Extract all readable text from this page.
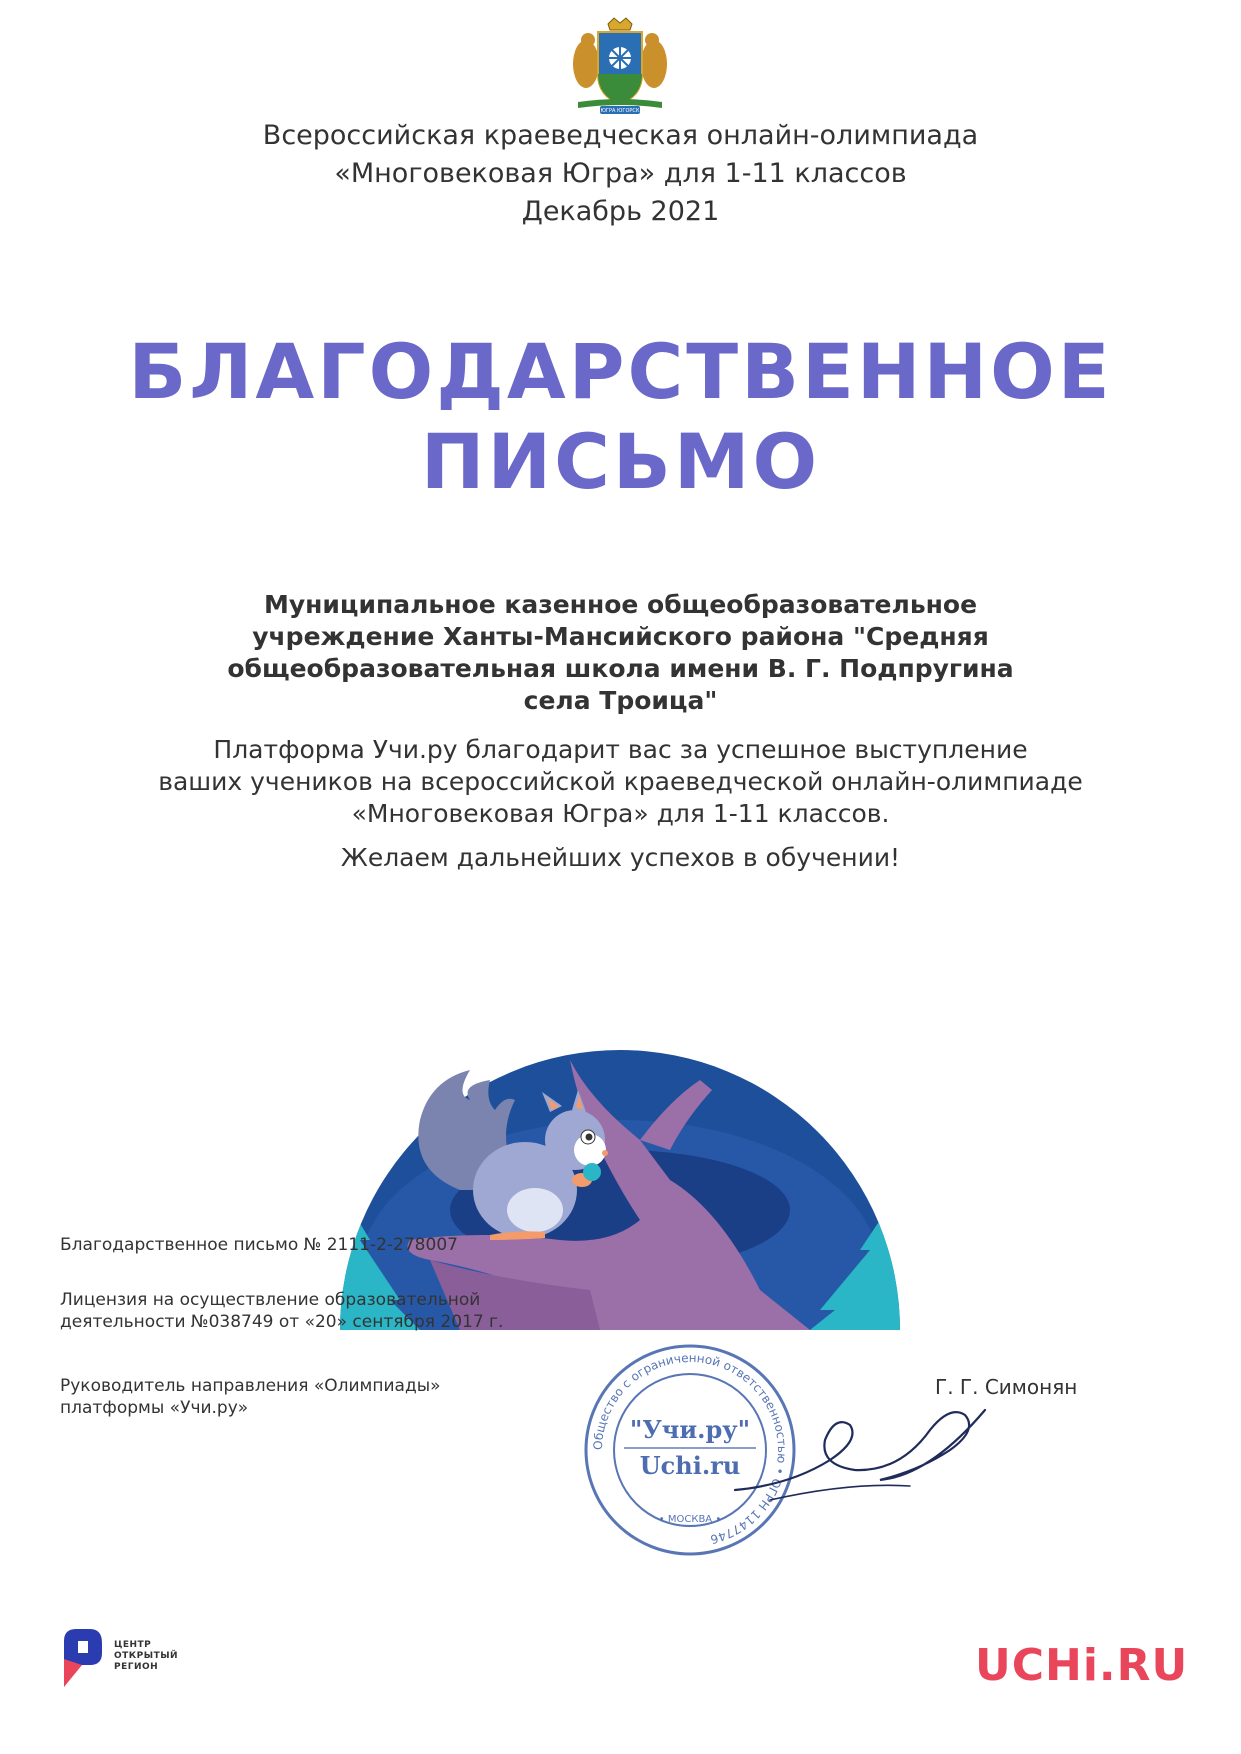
ЮГРА ЮГОРСК
Всероссийская краеведческая онлайн-олимпиада
«Многовековая Югра» для 1-11 классов
Декабрь 2021
БЛАГОДАРСТВЕННОЕ
ПИСЬМО
Муниципальное казенное общеобразовательное
учреждение Ханты-Мансийского района "Средняя
общеобразовательная школа имени В. Г. Подпругина
села Троица"
Платформа Учи.ру благодарит вас за успешное выступление
ваших учеников на всероссийской краеведческой онлайн-олимпиаде
«Многовековая Югра» для 1-11 классов.
Желаем дальнейших успехов в обучении!
Благодарственное письмо № 2111-2-278007
Лицензия на осуществление образовательной
деятельности №038749 от «20» сентября 2017 г.
Руководитель направления «Олимпиады»
платформы «Учи.ру»
Г. Г. Симонян
Общество с ограниченной ответственностью • ОГРН 1147746
"Учи.ру"
Uchi.ru
• МОСКВА •
ЦЕНТР
ОТКРЫТЫЙ
РЕГИОН	UCHi.RU
